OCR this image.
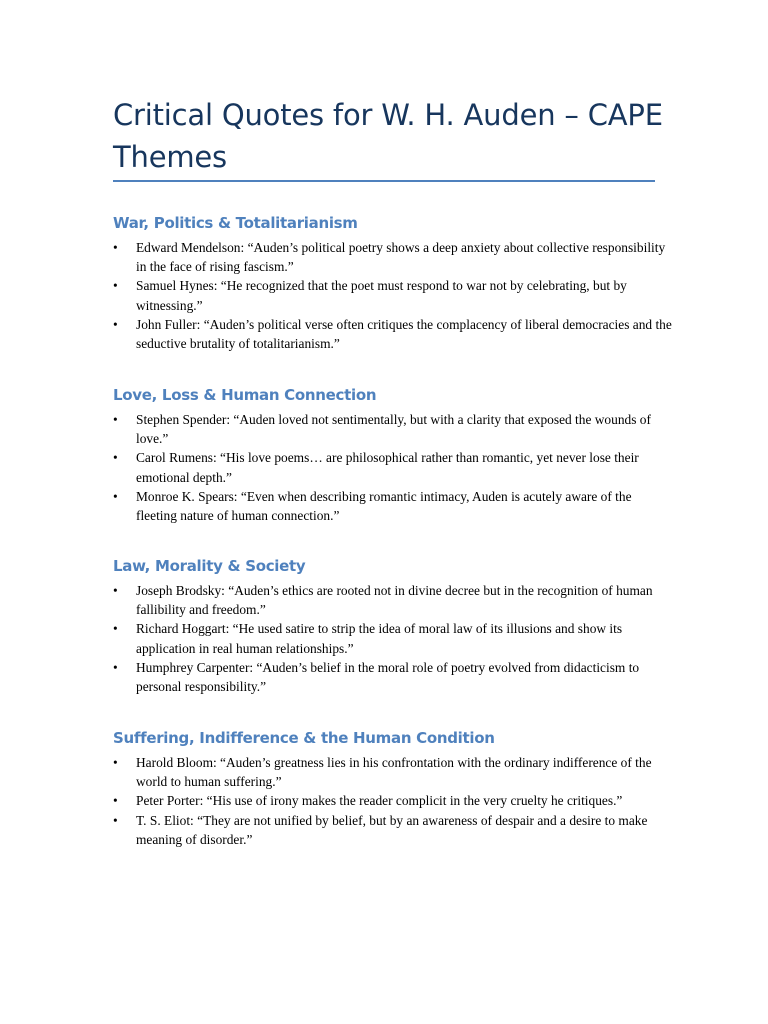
Critical Quotes for W. H. Auden – CAPE Themes
War, Politics & Totalitarianism
• Edward Mendelson: “Auden’s political poetry shows a deep anxiety about collective responsibility in the face of rising fascism.”
• Samuel Hynes: “He recognized that the poet must respond to war not by celebrating, but by witnessing.”
• John Fuller: “Auden’s political verse often critiques the complacency of liberal democracies and the seductive brutality of totalitarianism.”
Love, Loss & Human Connection
• Stephen Spender: “Auden loved not sentimentally, but with a clarity that exposed the wounds of love.”
• Carol Rumens: “His love poems… are philosophical rather than romantic, yet never lose their emotional depth.”
• Monroe K. Spears: “Even when describing romantic intimacy, Auden is acutely aware of the fleeting nature of human connection.”
Law, Morality & Society
• Joseph Brodsky: “Auden’s ethics are rooted not in divine decree but in the recognition of human fallibility and freedom.”
• Richard Hoggart: “He used satire to strip the idea of moral law of its illusions and show its application in real human relationships.”
• Humphrey Carpenter: “Auden’s belief in the moral role of poetry evolved from didacticism to personal responsibility.”
Suffering, Indifference & the Human Condition
• Harold Bloom: “Auden’s greatness lies in his confrontation with the ordinary indifference of the world to human suffering.”
• Peter Porter: “His use of irony makes the reader complicit in the very cruelty he critiques.”
• T. S. Eliot: “They are not unified by belief, but by an awareness of despair and a desire to make meaning of disorder.”
